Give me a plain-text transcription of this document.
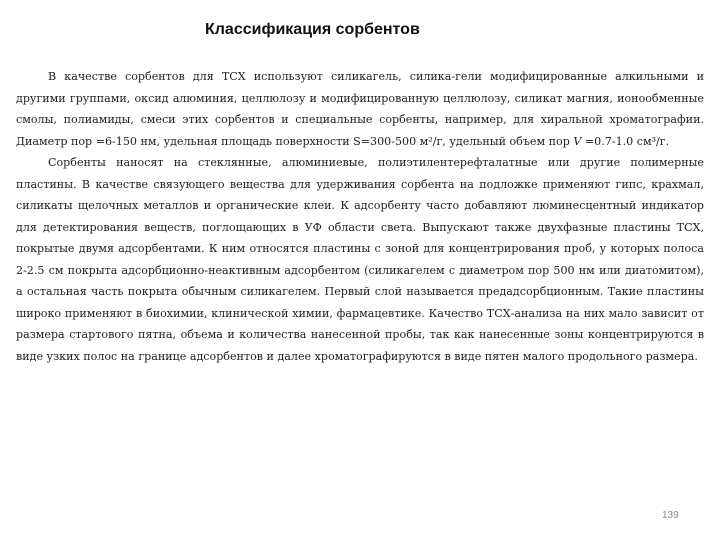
Классификация сорбентов

В качестве сорбентов для ТСХ используют силикагель, силика-гели модифицированные алкильными и другими группами, оксид алюминия, целлюлозу и модифицированную целлюлозу, силикат магния, ионообменные смолы, полиамиды, смеси этих сорбентов и специальные сорбенты, например, для хиральной хроматографии. Диаметр пор =6-150 нм, удельная площадь поверхности S=300-500 м²/г, удельный объем пор V =0.7-1.0 см³/г.

Сорбенты наносят на стеклянные, алюминиевые, полиэтилентерефталатные или другие полимерные пластины. В качестве связующего вещества для удерживания сорбента на подложке применяют гипс, крахмал, силикаты щелочных металлов и органические клеи. К адсорбенту часто добавляют люминесцентный индикатор для детектирования веществ, поглощающих в УФ области света. Выпускают также двухфазные пластины ТСХ, покрытые двумя адсорбентами. К ним относятся пластины с зоной для концентрирования проб, у которых полоса 2-2.5 см покрыта адсорбционно-неактивным адсорбентом (силикагелем с диаметром пор 500 нм или диатомитом), а остальная часть покрыта обычным силикагелем. Первый слой называется предадсорбционным. Такие пластины широко применяют в биохимии, клинической химии, фармацевтике. Качество ТСХ-анализа на них мало зависит от размера стартового пятна, объема и количества нанесенной пробы, так как нанесенные зоны концентрируются в виде узких полос на границе адсорбентов и далее хроматографируются в виде пятен малого продольного размера.

139
